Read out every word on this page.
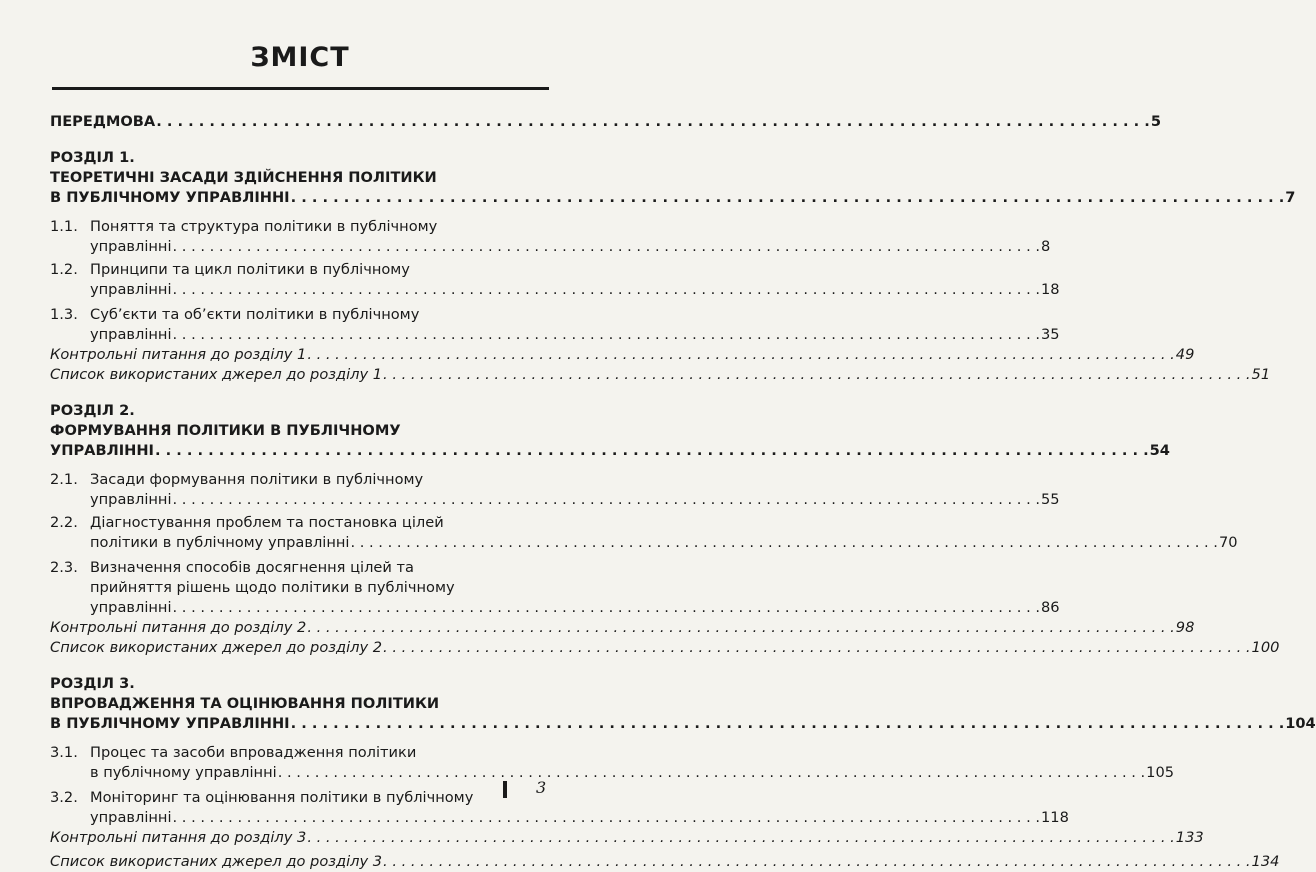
ЗМІСТ
ПЕРЕДМОВА . . .	5
РОЗДІЛ 1.
ТЕОРЕТИЧНІ ЗАСАДИ ЗДІЙСНЕННЯ ПОЛІТИКИ
В ПУБЛІЧНОМУ УПРАВЛІННІ . . .	7
1.1. Поняття та структура політики в публічному
управлінні . . .	8
1.2. Принципи та цикл політики в публічному
управлінні . . .	18
1.3. Суб’єкти та об’єкти політики в публічному
управлінні . . .	35
Контрольні питання до розділу 1 . . .	49
Список використаних джерел до розділу 1 . . .	51
РОЗДІЛ 2.
ФОРМУВАННЯ ПОЛІТИКИ В ПУБЛІЧНОМУ
УПРАВЛІННІ . . .	54
2.1. Засади формування політики в публічному
управлінні . . .	55
2.2. Діагностування проблем та постановка цілей
політики в публічному управлінні . . .	70
2.3. Визначення способів досягнення цілей та
прийняття рішень щодо політики в публічному
управлінні . . .	86
Контрольні питання до розділу 2 . . .	98
Список використаних джерел до розділу 2 . . .	100
РОЗДІЛ 3.
ВПРОВАДЖЕННЯ ТА ОЦІНЮВАННЯ ПОЛІТИКИ
В ПУБЛІЧНОМУ УПРАВЛІННІ . . .	104
3.1. Процес та засоби впровадження політики
в публічному управлінні . . .	105
3.2. Моніторинг та оцінювання політики в публічному
управлінні . . .	118
Контрольні питання до розділу 3 . . .	133
Список використаних джерел до розділу 3 . . .	134
3
